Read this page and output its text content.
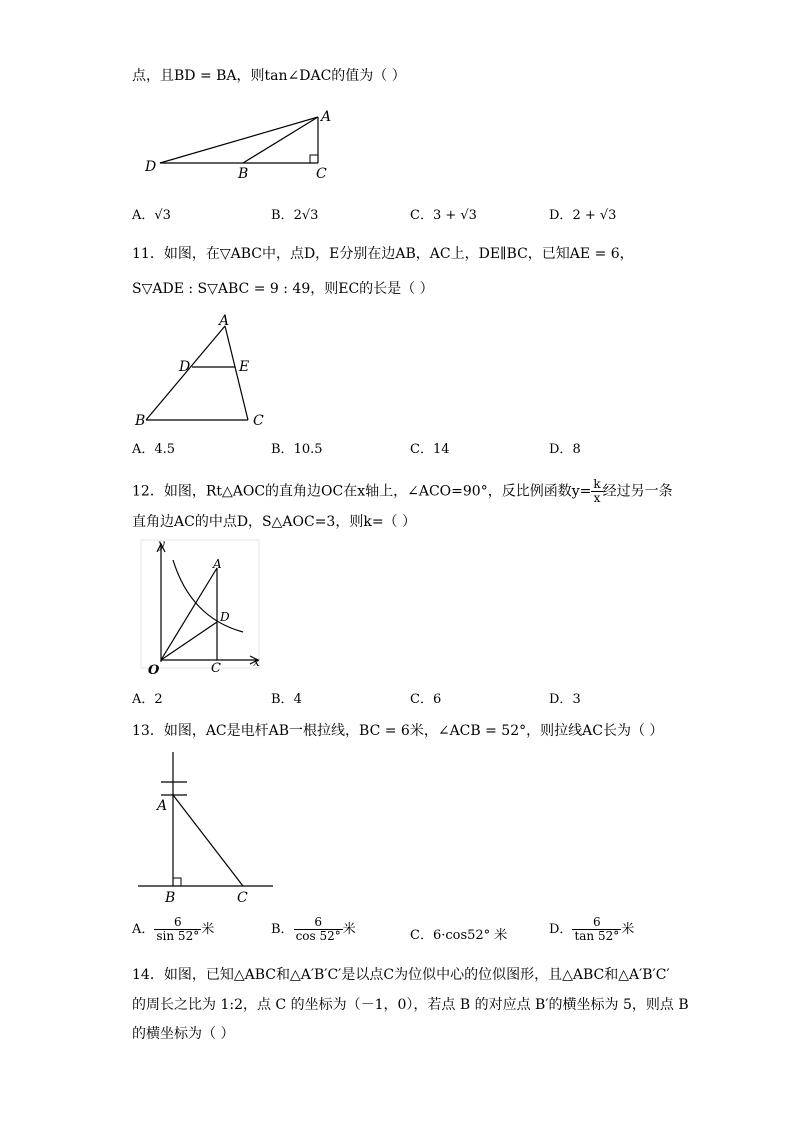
点，且BD = BA，则tan∠DAC的值为（ ）
A
D	B	C
A．√3	B．2√3	C．3 + √3	D．2 + √3
11．如图，在▽ABC中，点D，E分别在边AB，AC上，DE∥BC，已知AE = 6，
S▽ADE : S▽ABC = 9 : 49，则EC的长是（ ）
A
D	E
B	C
A．4.5	B．10.5	C．14	D．8
12．如图，Rt△AOC的直角边OC在x轴上，∠ACO=90°，反比例函数$y= \frac{k}{x}$ 经过另一条
直角边AC的中点D，S△AOC=3，则k=（ ）
y
A
D
O	C	x
A．2	B．4	C．6	D．3
13．如图，AC是电杆AB一根拉线，BC = 6米，∠ACB = 52°，则拉线AC长为（ ）
A
B	C
A． $\frac{6}{\sin 52^\circ}$ 米	B． $\frac{6}{\cos 52^\circ}$ 米	C．6·cos52° 米	D． $\frac{6}{\tan 52^\circ}$ 米
14．如图，已知△ABC和△A′B′C′是以点C为位似中心的位似图形，且△ABC和△A′B′C′
的周长之比为 1:2，点 C 的坐标为（－1，0），若点 B 的对应点 B′的横坐标为 5，则点 B
的横坐标为（ ）
